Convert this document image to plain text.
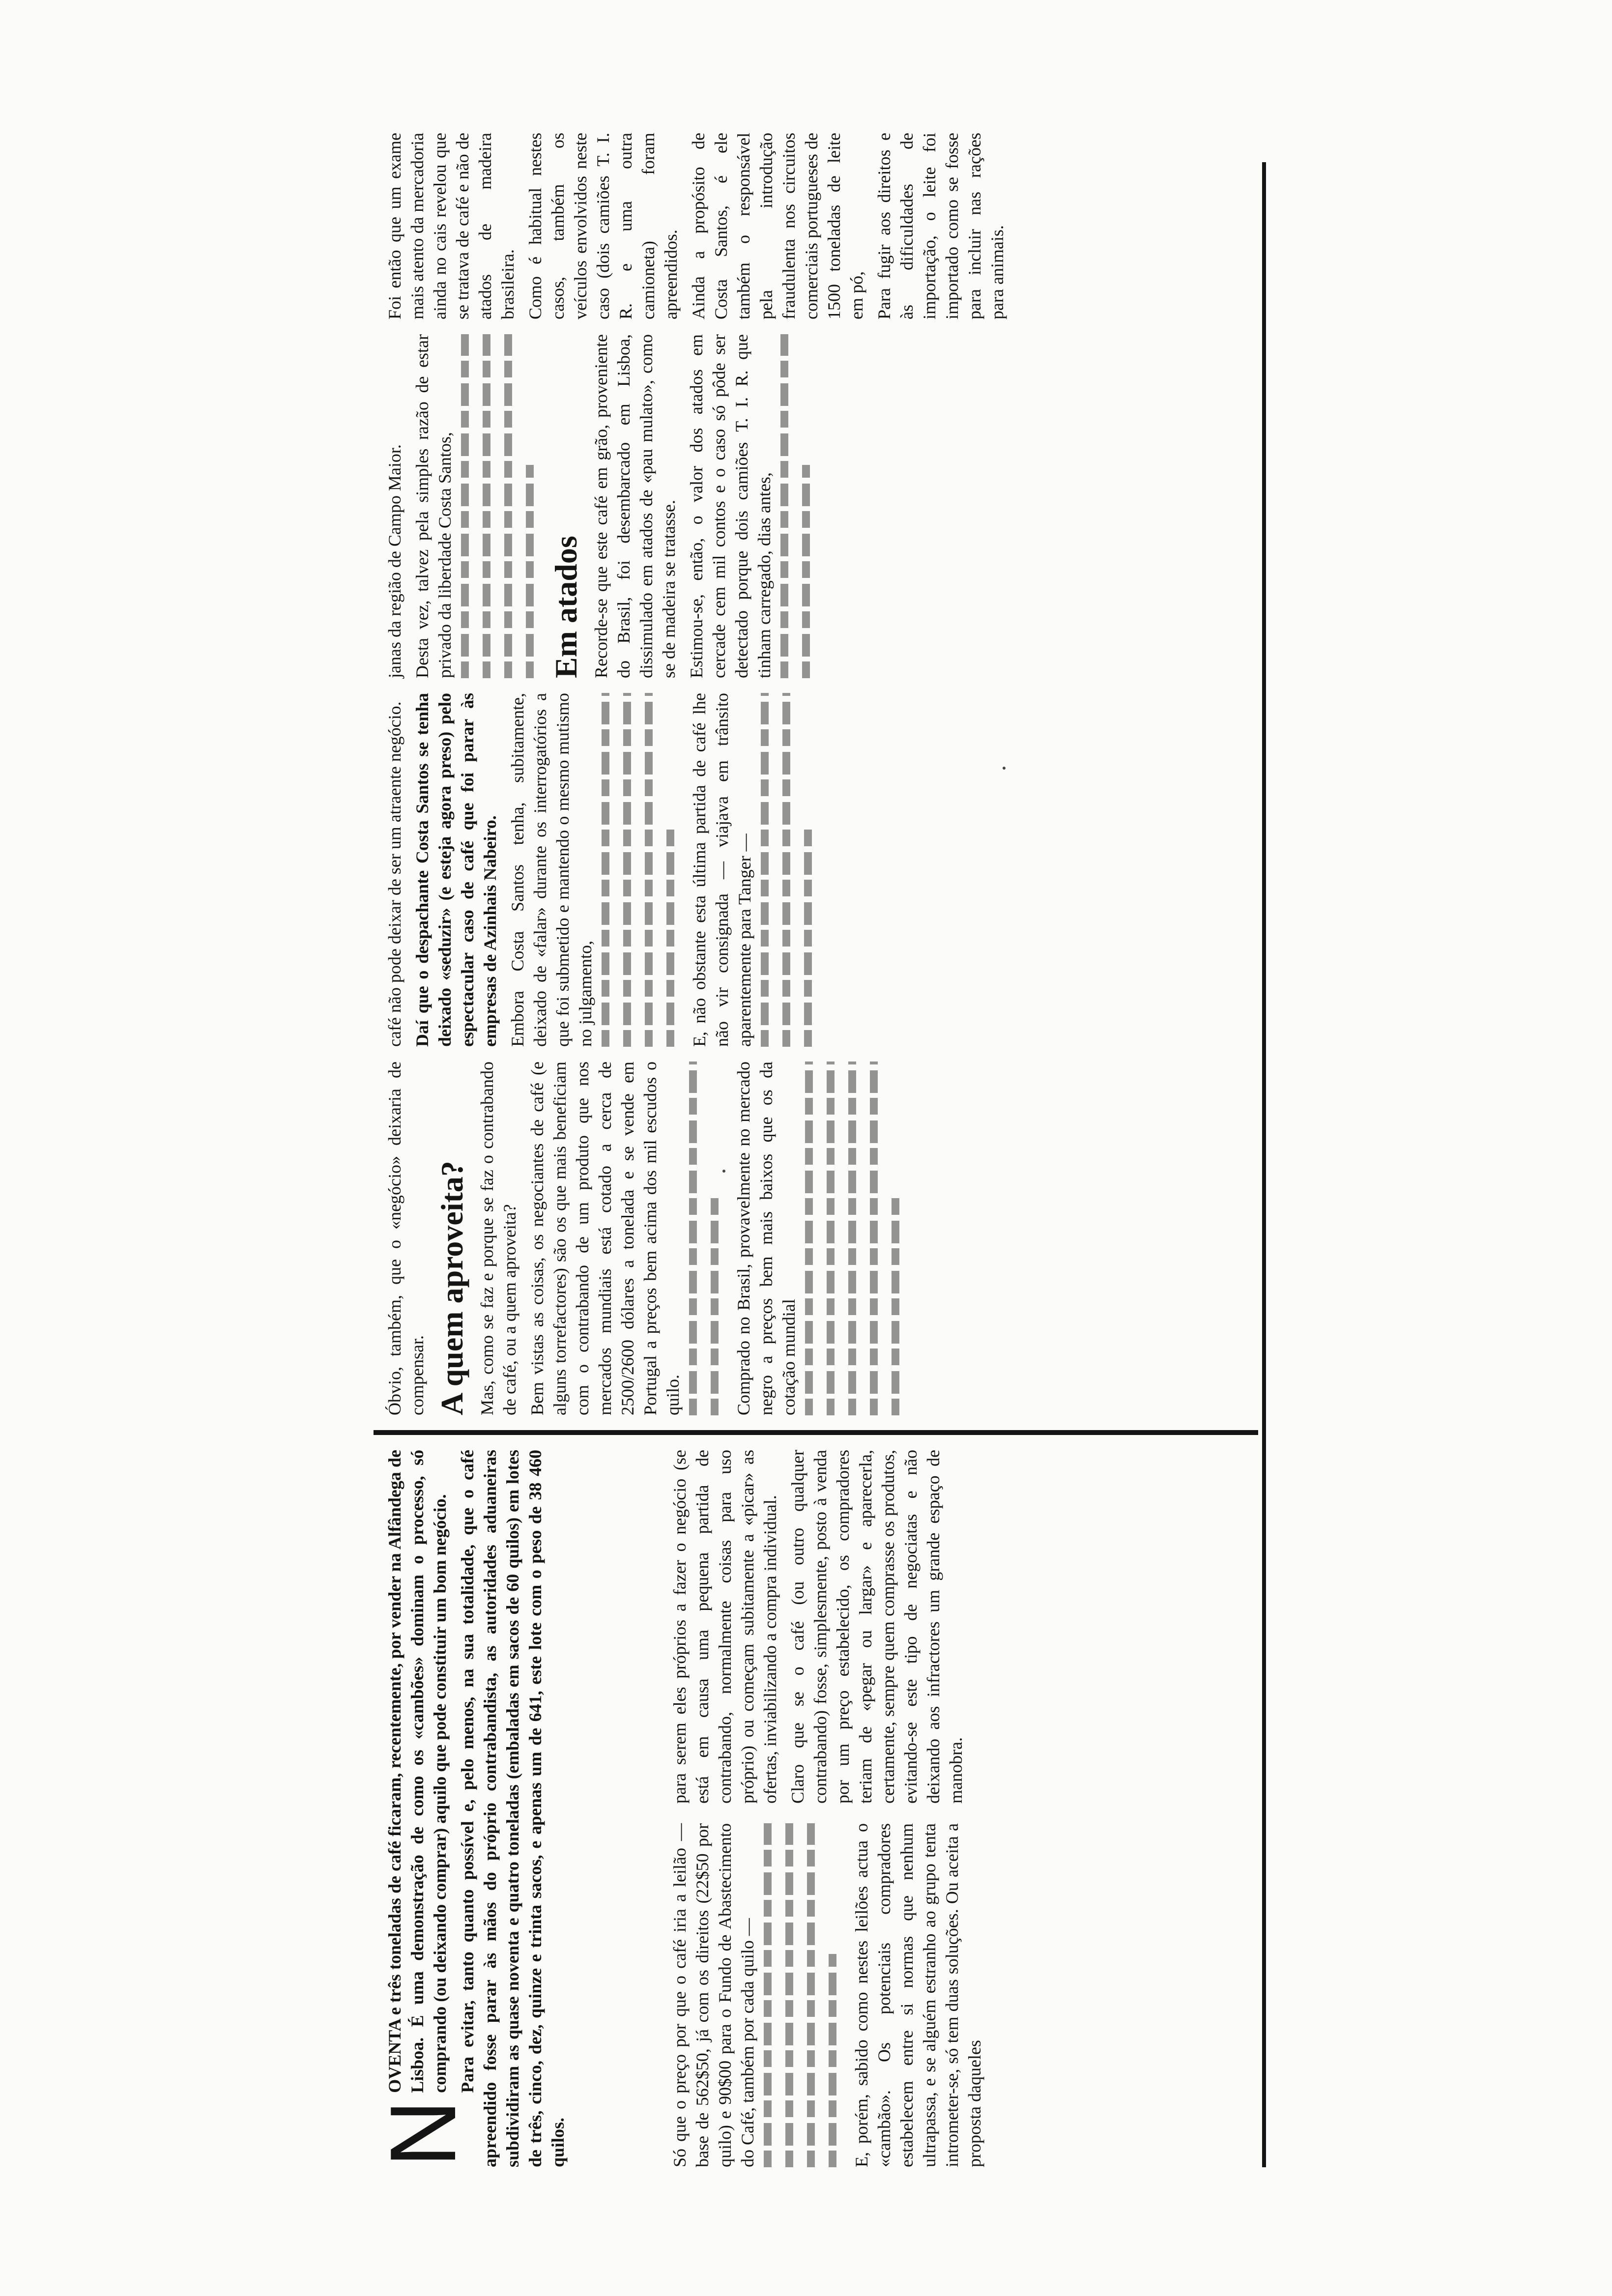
N

OVENTA e três toneladas de café ficaram, recentemente, por vender na Alfândega de Lisboa. É uma demonstração de como os «cambões» dominam o processo, só comprando (ou deixando comprar) aquilo que pode constituir um bom negócio. Para evitar, tanto quanto possível e, pelo menos, na sua totalidade, que o café apreendido fosse parar às mãos do próprio contrabandista, as autoridades aduaneiras subdividiram as quase noventa e quatro toneladas (embaladas em sacos de 60 quilos) em lotes de três, cinco, dez, quinze e trinta sacos, e apenas um de 641, este lote com o peso de 38 460 quilos.	Só que o preço por que o café iria a leilão — base de 562$50, já com os direitos (22$50 por quilo) e 90$00 para o Fundo de Abastecimento do Café, também por cada quilo —	E, porém, sabido como nestes leilões actua o «cambão». Os potenciais compradores estabelecem entre si normas que nenhum ultrapassa, e se alguém estranho ao grupo tenta intrometer-se, só tem duas soluções. Ou aceita a proposta daqueles

para serem eles próprios a fazer o negócio (se está em causa uma pequena partida de contrabando, normalmente coisas para uso próprio) ou começam subitamente a «picar» as ofertas, inviabilizando a compra individual. Claro que se o café (ou outro qualquer contrabando) fosse, simplesmente, posto à venda por um preço estabelecido, os compradores teriam de «pegar ou largar» e aparecerla, certamente, sempre quem comprasse os produtos, evitando-se este tipo de negociatas e não deixando aos infractores um grande espaço de manobra.

Óbvio, também, que o «negócio» deixaria de compensar. A quem aproveita? Mas, como se faz e porque se faz o contrabando de café, ou a quem aproveita? Bem vistas as coisas, os negociantes de café (e alguns torrefactores) são os que mais beneficiam com o contrabando de um produto que nos mercados mundiais está cotado a cerca de 2500/2600 dólares a tonelada e se vende em Portugal a preços bem acima dos mil escudos o quilo.	Comprado no Brasil, provavelmente no mercado negro a preços bem mais baixos que os da cotação mundial

café não pode deixar de ser um atraente negócio. Daí que o despachante Costa Santos se tenha deixado «seduzir» (e esteja agora preso) pelo espectacular caso de café que foi parar às empresas de Azinhais Nabeiro. Embora Costa Santos tenha, subitamente, deixado de «falar» durante os interrogatórios a que foi submetido e mantendo o mesmo mutismo no julgamento,	E, não obstante esta última partida de café lhe não vir consignada — viajava em trânsito aparentemente para Tanger —

janas da região de Campo Maior. Desta vez, talvez pela simples razão de estar privado da liberdade Costa Santos,	Em atados Recorde-se que este café em grão, proveniente do Brasil, foi desembarcado em Lisboa, dissimulado em atados de «pau mulato», como se de madeira se tratasse. Estimou-se, então, o valor dos atados em cercade cem mil contos e o caso só pôde ser detectado porque dois camiões T. I. R. que tinham carregado, dias antes,

Foi então que um exame mais atento da mercadoria ainda no cais revelou que se tratava de café e não de atados de madeira brasileira. Como é habitual nestes casos, também os veículos envolvidos neste caso (dois camiões T. I. R. e uma outra camioneta) foram apreendidos. Ainda a propósito de Costa Santos, é ele também o responsável pela introdução fraudulenta nos circuitos comerciais portugueses de 1500 toneladas de leite em pó, Para fugir aos direitos e às dificuldades de importação, o leite foi importado como se fosse para incluir nas rações para animais.
